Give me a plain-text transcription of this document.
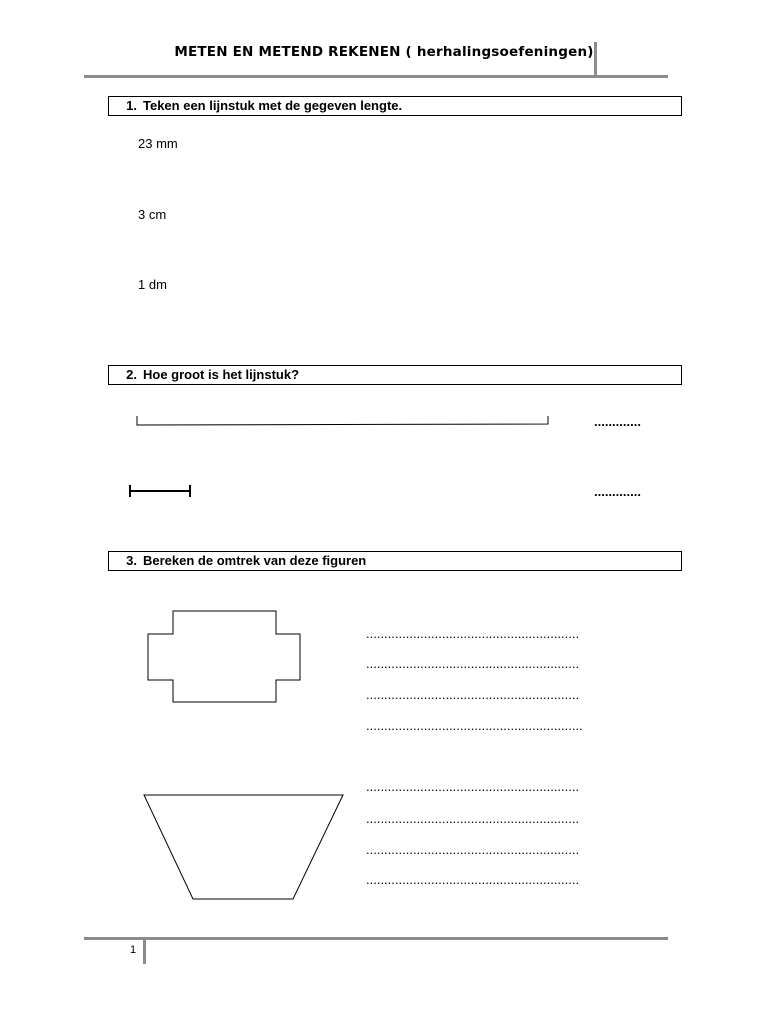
METEN EN METEND REKENEN ( herhalingsoefeningen)
1. Teken een lijnstuk met de gegeven lengte.
23 mm
3 cm
1 dm
2. Hoe groot is het lijnstuk?
.............
.............
3. Bereken de omtrek van deze figuren
...........................................................
...........................................................
...........................................................
............................................................
...........................................................
...........................................................
...........................................................
...........................................................
1
